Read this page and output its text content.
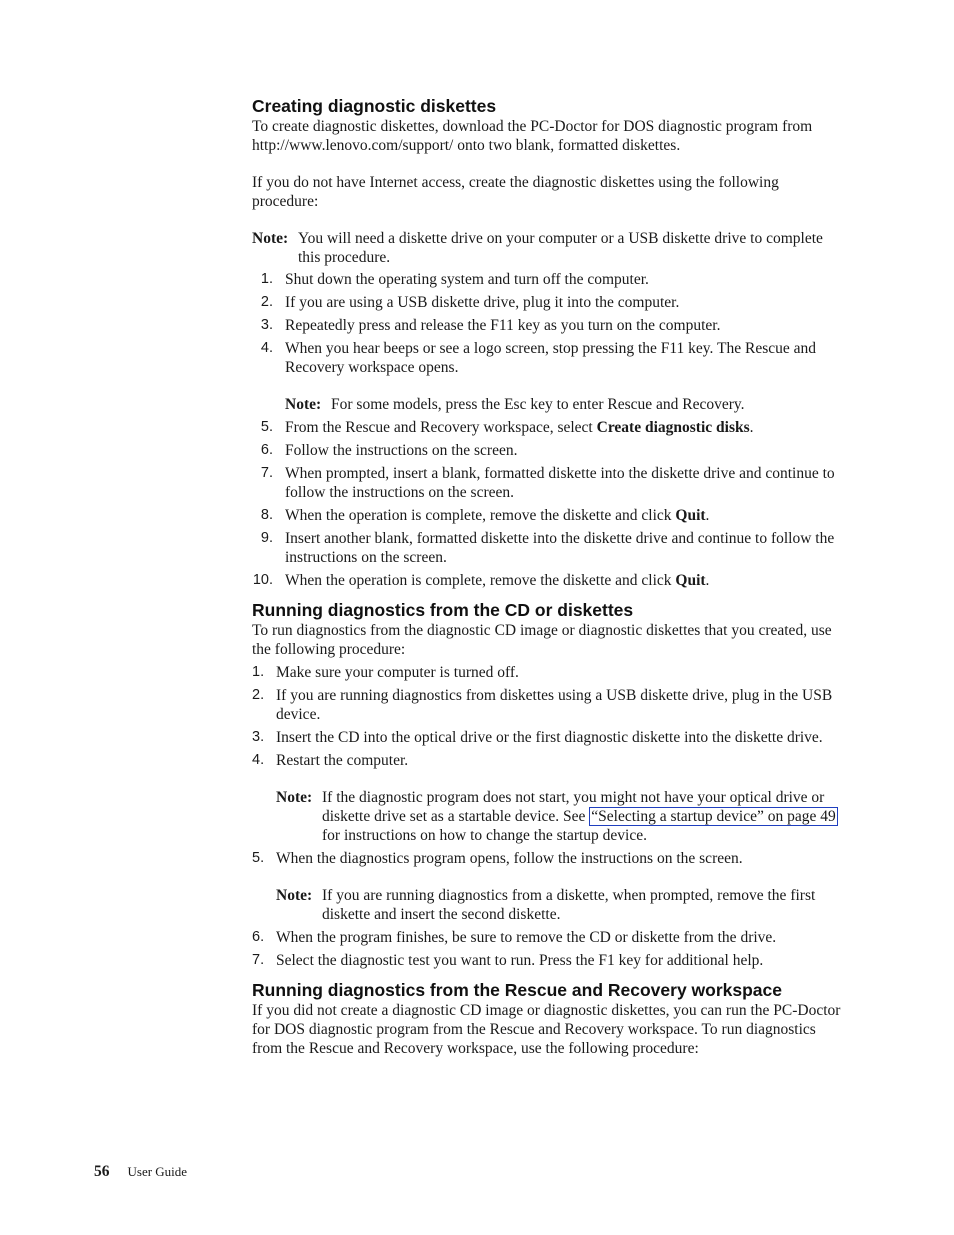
Creating diagnostic diskettes

To create diagnostic diskettes, download the PC-Doctor for DOS diagnostic program from http://www.lenovo.com/support/ onto two blank, formatted diskettes.

If you do not have Internet access, create the diagnostic diskettes using the following procedure:

Note: You will need a diskette drive on your computer or a USB diskette drive to complete this procedure.
1. Shut down the operating system and turn off the computer.
2. If you are using a USB diskette drive, plug it into the computer.
3. Repeatedly press and release the F11 key as you turn on the computer.
4. When you hear beeps or see a logo screen, stop pressing the F11 key. The Rescue and Recovery workspace opens.
Note: For some models, press the Esc key to enter Rescue and Recovery.
5. From the Rescue and Recovery workspace, select Create diagnostic disks.
6. Follow the instructions on the screen.
7. When prompted, insert a blank, formatted diskette into the diskette drive and continue to follow the instructions on the screen.
8. When the operation is complete, remove the diskette and click Quit.
9. Insert another blank, formatted diskette into the diskette drive and continue to follow the instructions on the screen.
10. When the operation is complete, remove the diskette and click Quit.
Running diagnostics from the CD or diskettes

To run diagnostics from the diagnostic CD image or diagnostic diskettes that you created, use the following procedure:

1. Make sure your computer is turned off.
2. If you are running diagnostics from diskettes using a USB diskette drive, plug in the USB device.
3. Insert the CD into the optical drive or the first diagnostic diskette into the diskette drive.
4. Restart the computer.
Note: If the diagnostic program does not start, you might not have your optical drive or diskette drive set as a startable device. See “Selecting a startup device” on page 49 for instructions on how to change the startup device.
5. When the diagnostics program opens, follow the instructions on the screen.
Note: If you are running diagnostics from a diskette, when prompted, remove the first diskette and insert the second diskette.
6. When the program finishes, be sure to remove the CD or diskette from the drive.
7. Select the diagnostic test you want to run. Press the F1 key for additional help.
Running diagnostics from the Rescue and Recovery workspace

If you did not create a diagnostic CD image or diagnostic diskettes, you can run the PC-Doctor for DOS diagnostic program from the Rescue and Recovery workspace. To run diagnostics from the Rescue and Recovery workspace, use the following procedure:

56 User Guide
